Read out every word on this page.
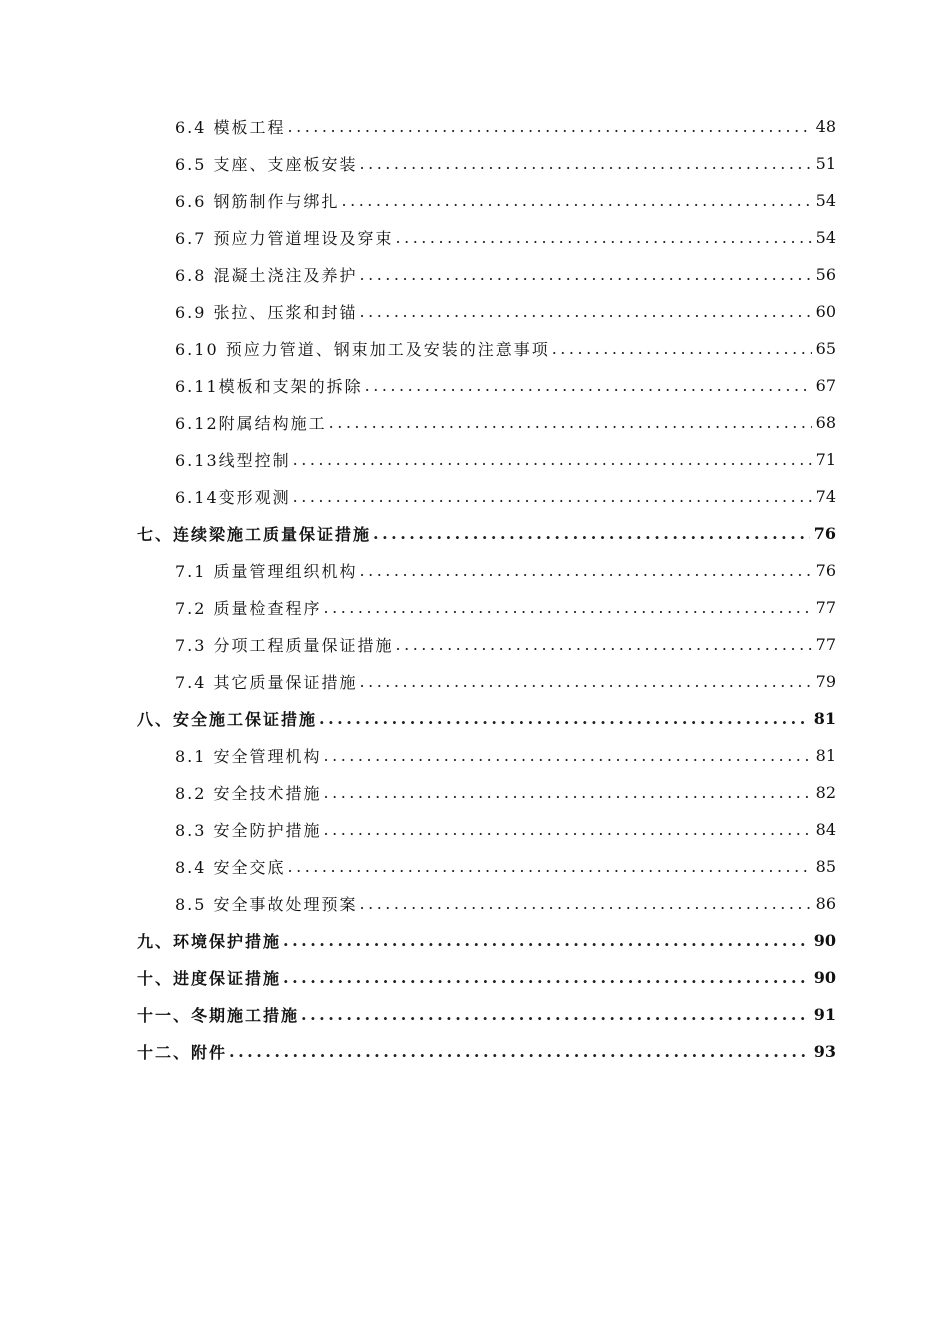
6.4 模板工程 .....	48
6.5 支座、支座板安装 .....	51
6.6 钢筋制作与绑扎 .....	54
6.7 预应力管道埋设及穿束 .....	54
6.8 混凝土浇注及养护 .....	56
6.9 张拉、压浆和封锚 .....	60
6.10 预应力管道、钢束加工及安装的注意事项 .....	65
6.11模板和支架的拆除 .....	67
6.12附属结构施工 .....	68
6.13线型控制 .....	71
6.14变形观测 .....	74
七、连续梁施工质量保证措施 .....	76
7.1 质量管理组织机构 .....	76
7.2 质量检查程序 .....	77
7.3 分项工程质量保证措施 .....	77
7.4 其它质量保证措施 .....	79
八、安全施工保证措施 .....	81
8.1 安全管理机构 .....	81
8.2 安全技术措施 .....	82
8.3 安全防护措施 .....	84
8.4 安全交底 .....	85
8.5 安全事故处理预案 .....	86
九、环境保护措施 .....	90
十、进度保证措施 .....	90
十一、冬期施工措施 .....	91
十二、附件 .....	93
